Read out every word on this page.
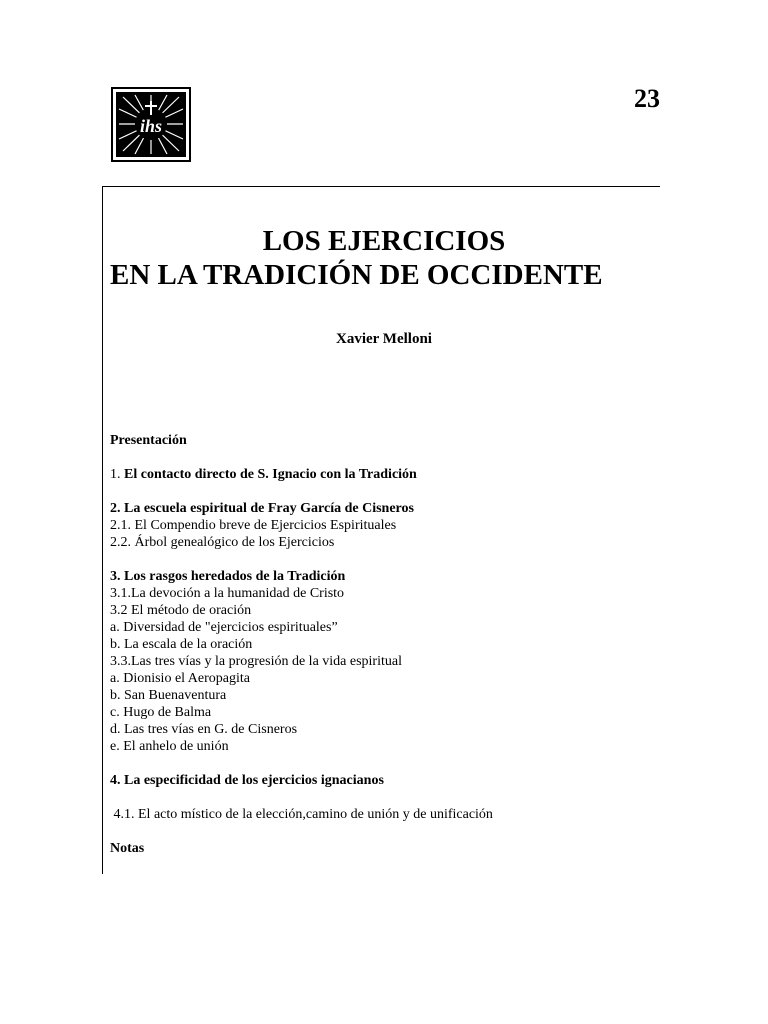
ihs
23
LOS EJERCICIOS
EN LA TRADICIÓN DE OCCIDENTE
Xavier Melloni
Presentación
1. El contacto directo de S. Ignacio con la Tradición
2. La escuela espiritual de Fray García de Cisneros
2.1. El Compendio breve de Ejercicios Espirituales
2.2. Árbol genealógico de los Ejercicios
3. Los rasgos heredados de la Tradición
3.1.La devoción a la humanidad de Cristo
3.2 El método de oración
a. Diversidad de "ejercicios espirituales”
b. La escala de la oración
3.3.Las tres vías y la progresión de la vida espiritual
a. Dionisio el Aeropagita
b. San Buenaventura
c. Hugo de Balma
d. Las tres vías en G. de Cisneros
e. El anhelo de unión
4. La especificidad de los ejercicios ignacianos
4.1. El acto místico de la elección,camino de unión y de unificación
Notas
